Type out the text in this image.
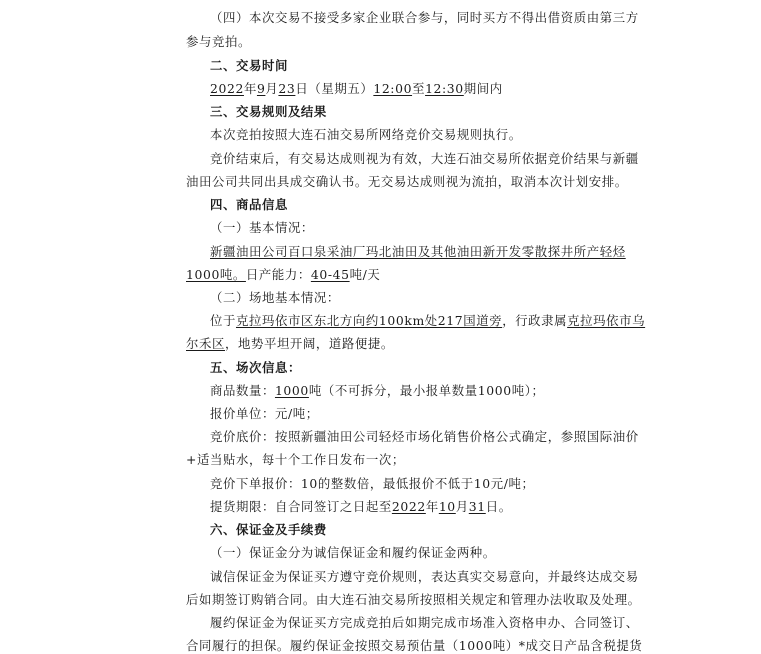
（四）本次交易不接受多家企业联合参与，同时买方不得出借资质由第三方
参与竞拍。
二、交易时间
2022年9月23日（星期五）12:00至12:30期间内
三、交易规则及结果
本次竞拍按照大连石油交易所网络竞价交易规则执行。
竞价结束后，有交易达成则视为有效，大连石油交易所依据竞价结果与新疆
油田公司共同出具成交确认书。无交易达成则视为流拍，取消本次计划安排。
四、商品信息
（一）基本情况：
新疆油田公司百口泉采油厂玛北油田及其他油田新开发零散探井所产轻烃
1000吨。日产能力：40-45吨/天
（二）场地基本情况：
位于克拉玛依市区东北方向约100km处217国道旁，行政隶属克拉玛依市乌
尔禾区，地势平坦开阔，道路便捷。
五、场次信息：
商品数量：1000吨（不可拆分，最小报单数量1000吨）；
报价单位：元/吨；
竞价底价：按照新疆油田公司轻烃市场化销售价格公式确定，参照国际油价
+适当贴水，每十个工作日发布一次；
竞价下单报价：10的整数倍，最低报价不低于10元/吨；
提货期限：自合同签订之日起至2022年10月31日。
六、保证金及手续费
（一）保证金分为诚信保证金和履约保证金两种。
诚信保证金为保证买方遵守竞价规则，表达真实交易意向，并最终达成交易
后如期签订购销合同。由大连石油交易所按照相关规定和管理办法收取及处理。
履约保证金为保证买方完成竞拍后如期完成市场准入资格申办、合同签订、
合同履行的担保。履约保证金按照交易预估量（1000吨）*成交日产品含税提货
